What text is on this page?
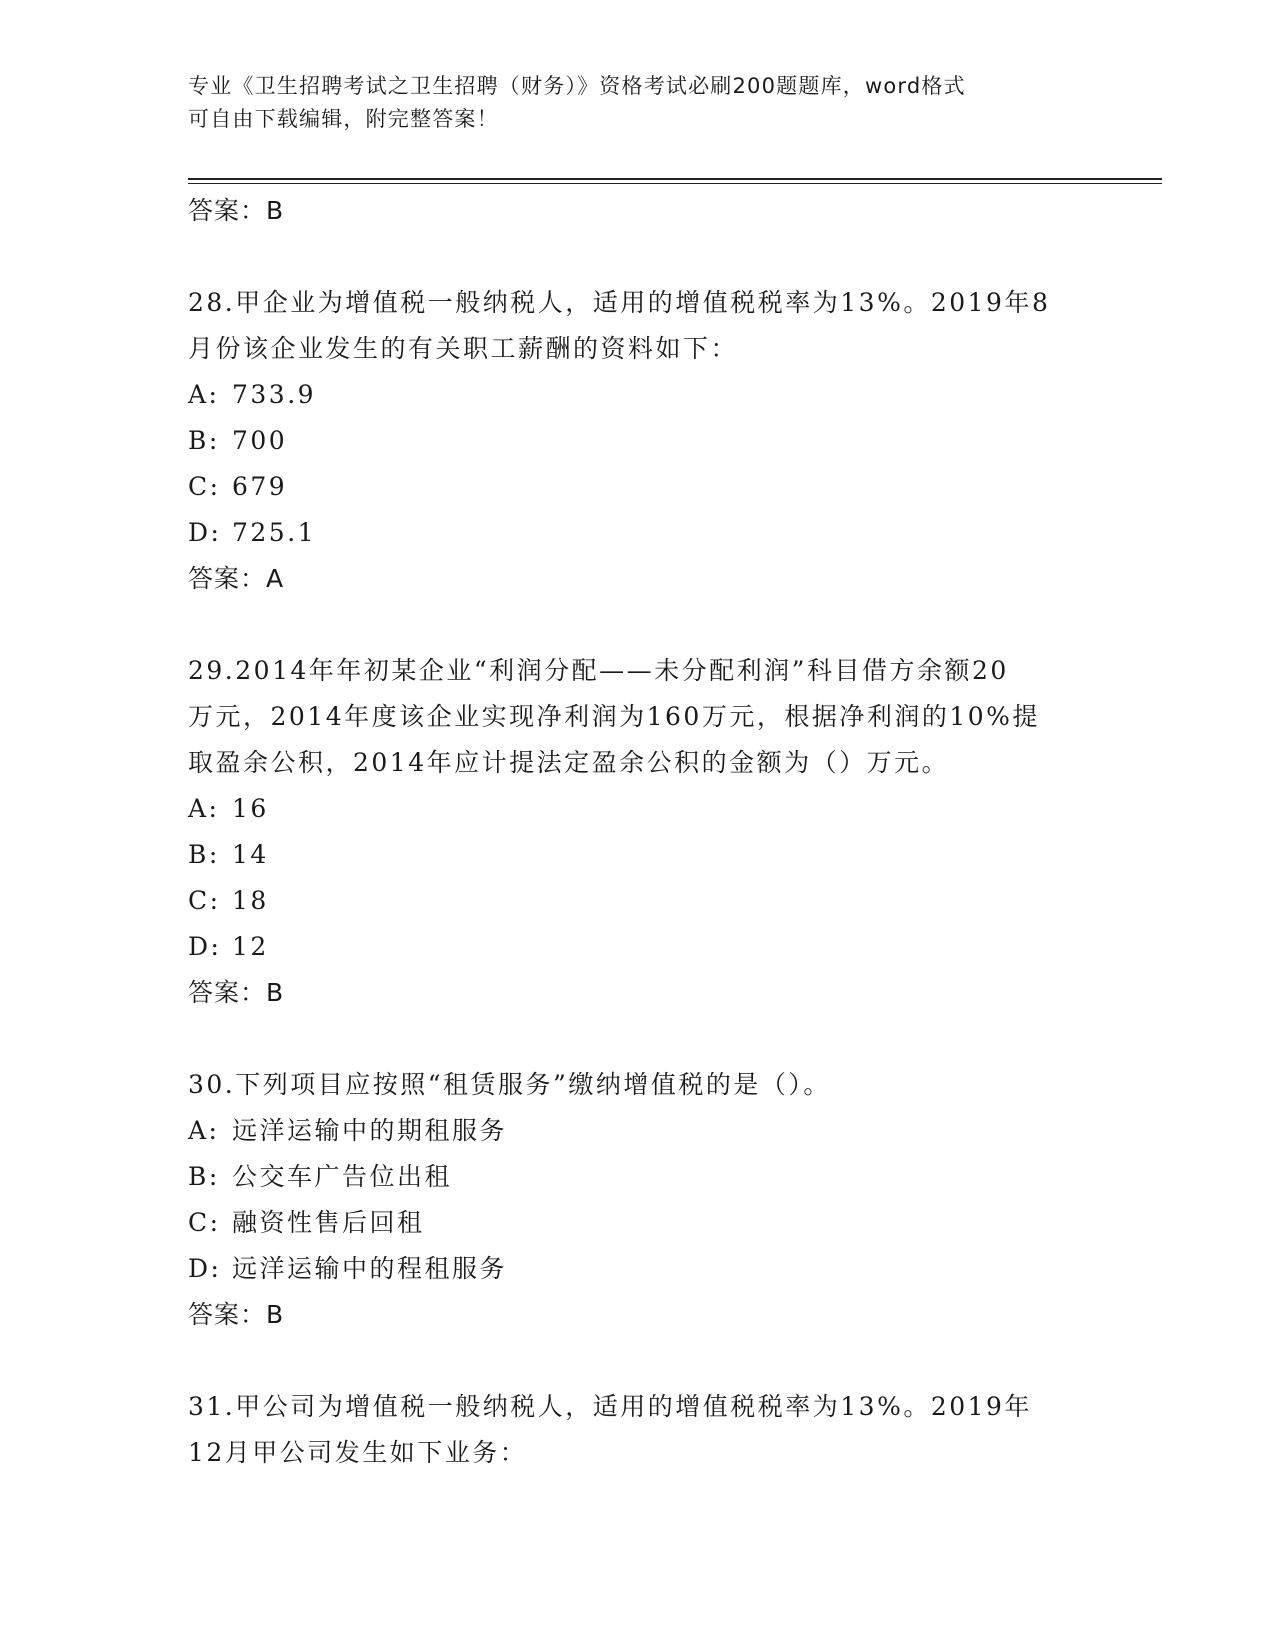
专业《卫生招聘考试之卫生招聘（财务）》资格考试必刷200题题库，word格式
可自由下载编辑，附完整答案！

答案：B

28.甲企业为增值税一般纳税人，适用的增值税税率为13%。2019年8
月份该企业发生的有关职工薪酬的资料如下：

A: 733.9

B: 700

C: 679

D: 725.1

答案：A

29.2014年年初某企业“利润分配——未分配利润”科目借方余额20
万元，2014年度该企业实现净利润为160万元，根据净利润的10%提
取盈余公积，2014年应计提法定盈余公积的金额为（）万元。

A: 16

B: 14

C: 18

D: 12

答案：B

30.下列项目应按照“租赁服务”缴纳增值税的是（）。

A: 远洋运输中的期租服务

B: 公交车广告位出租

C: 融资性售后回租

D: 远洋运输中的程租服务

答案：B

31.甲公司为增值税一般纳税人，适用的增值税税率为13%。2019年
12月甲公司发生如下业务：
